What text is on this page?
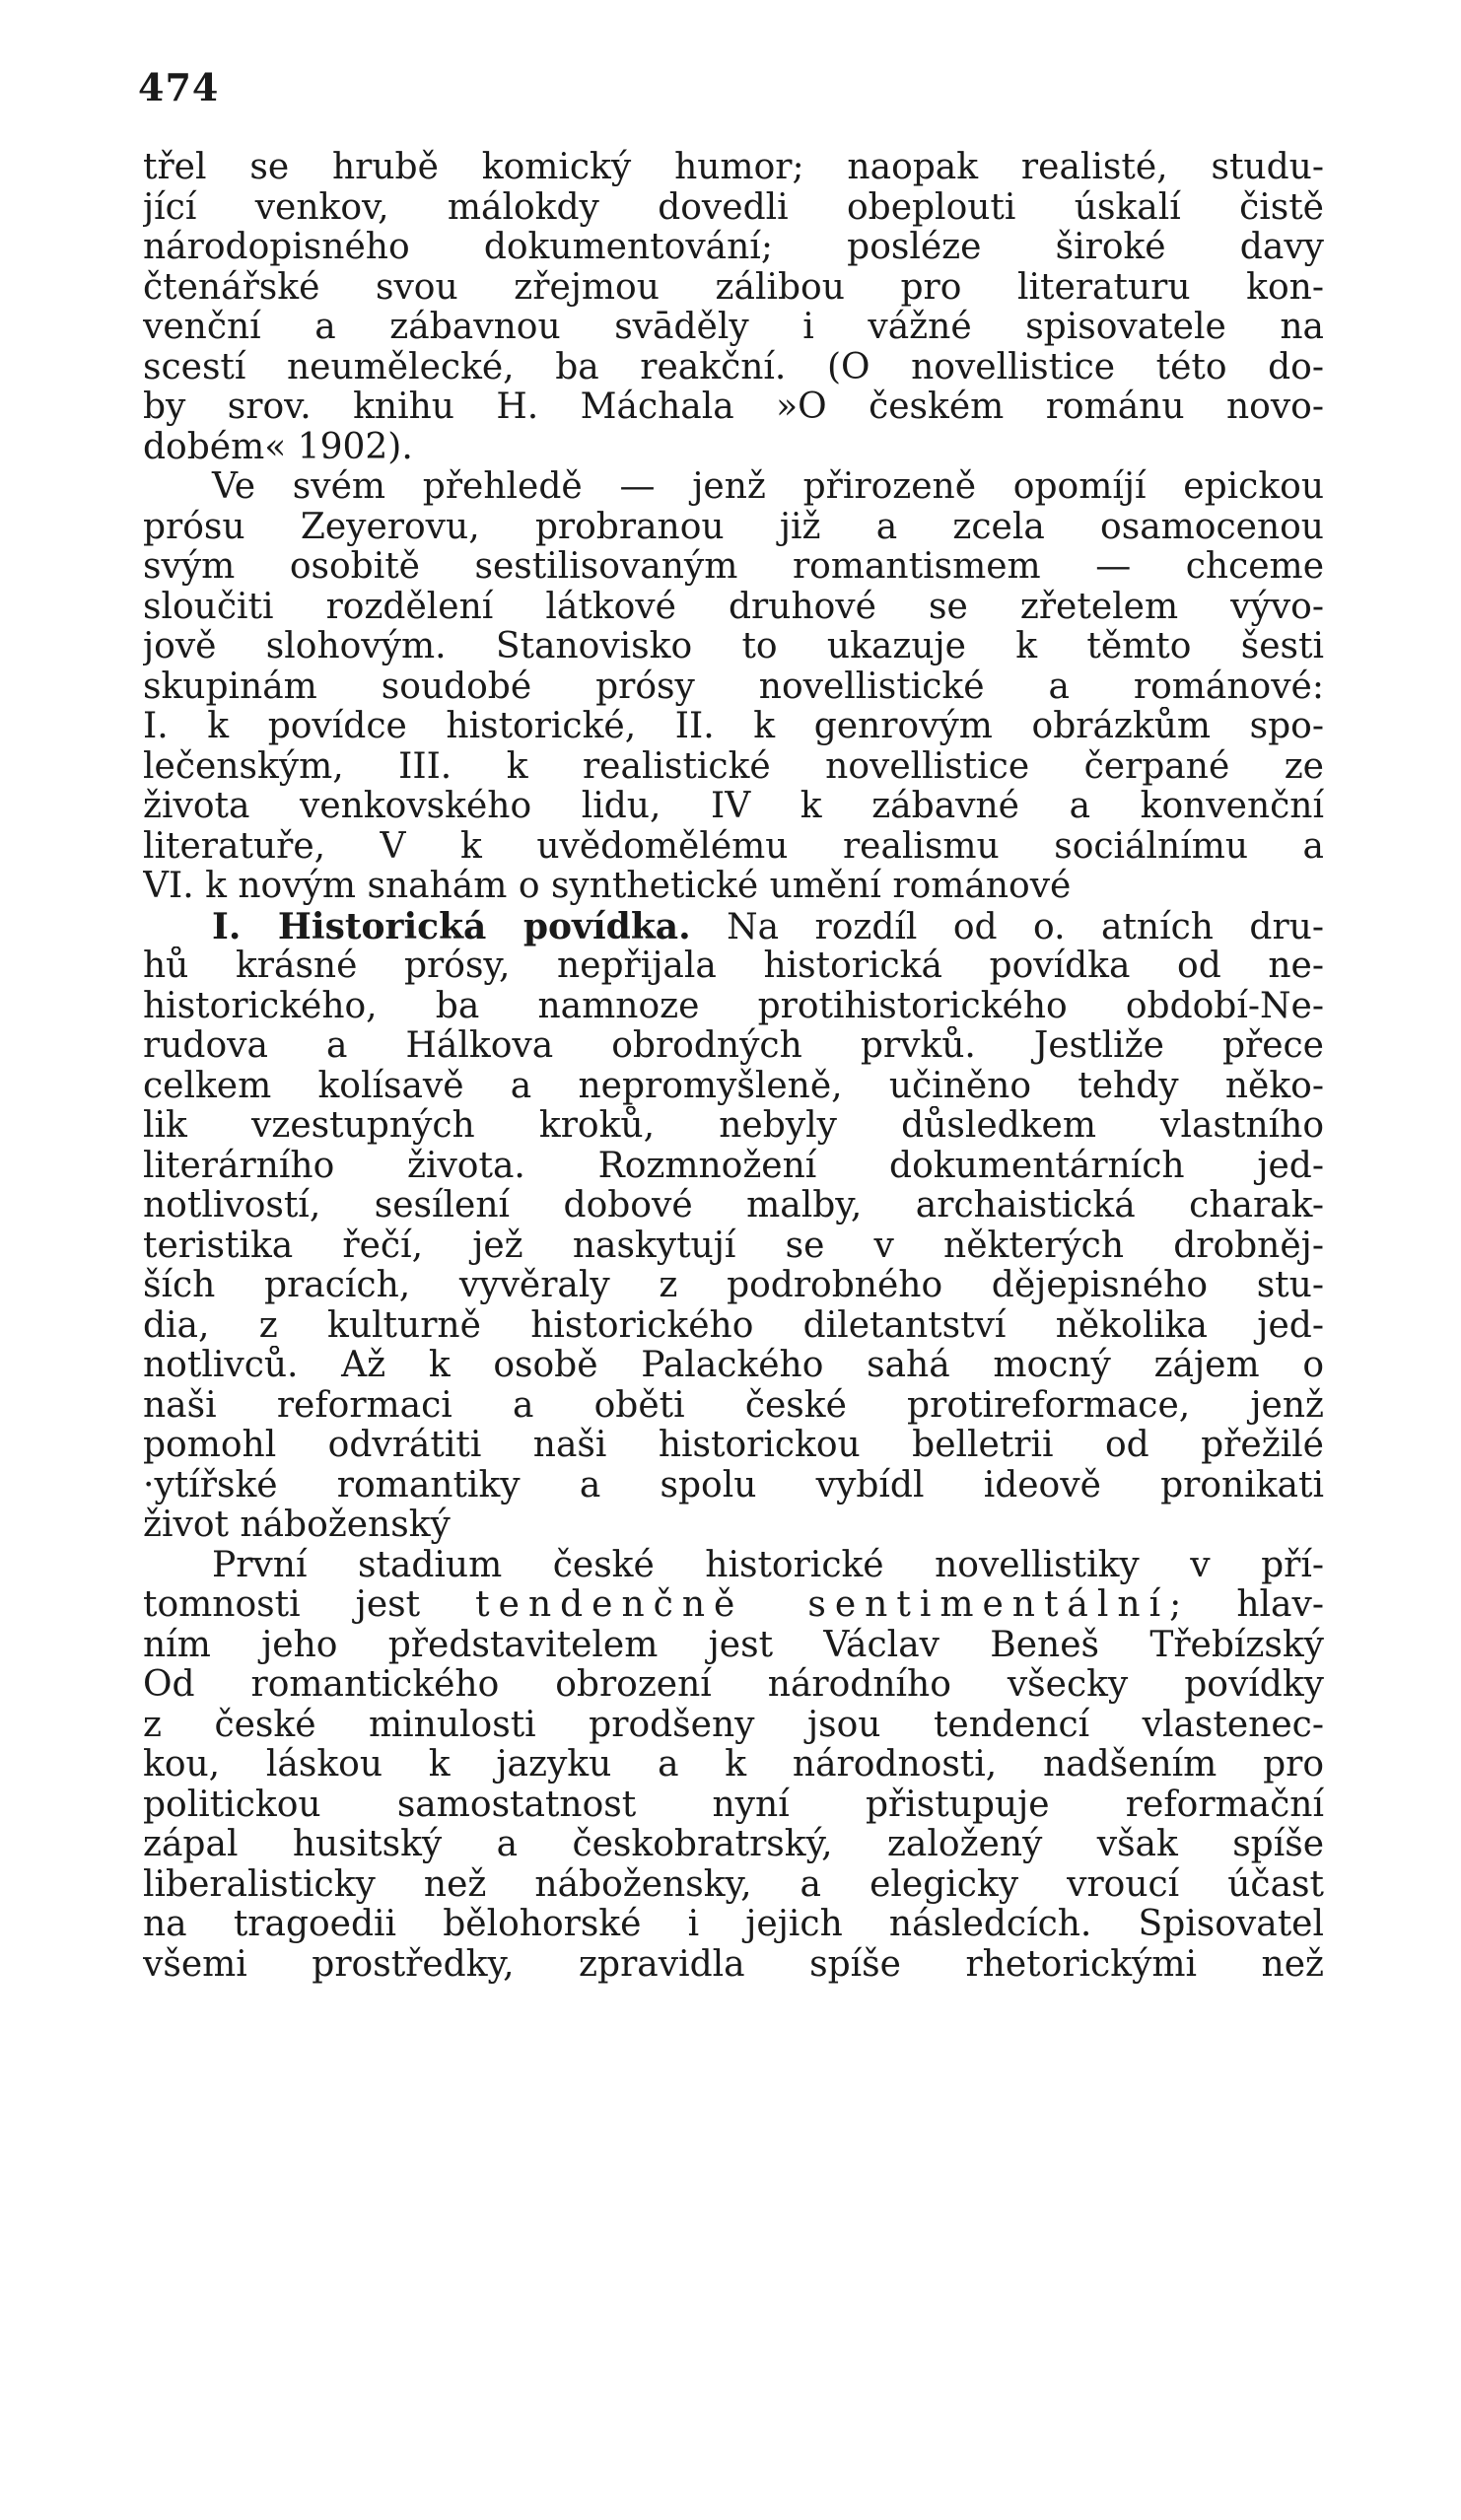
474
třel se hrubě komický humor; naopak realisté, studu-
jící venkov, málokdy dovedli obeplouti úskalí čistě
národopisného dokumentování; posléze široké davy
čtenářské svou zřejmou zálibou pro literaturu kon-
venční a zábavnou svāděly i vážné spisovatele na
scestí neumělecké, ba reakční. (O novellistice této do-
by srov. knihu H. Máchala »O českém románu novo-
dobém« 1902).
Ve svém přehledě — jenž přirozeně opomíjí epickou
prósu Zeyerovu, probranou již a zcela osamocenou
svým osobitě sestilisovaným romantismem — chceme
sloučiti rozdělení látkové druhové se zřetelem vývo-
jově slohovým. Stanovisko to ukazuje k těmto šesti
skupinám soudobé prósy novellistické a románové:
I. k povídce historické, II. k genrovým obrázkům spo-
lečenským, III. k realistické novellistice čerpané ze
života venkovského lidu, IV k zábavné a konvenční
literatuře, V k uvědomělému realismu sociálnímu a
VI. k novým snahám o synthetické umění románové
I. Historická povídka. Na rozdíl od o. atních dru-
hů krásné prósy, nepřijala historická povídka od ne-
historického, ba namnoze protihistorického období-Ne-
rudova a Hálkova obrodných prvků. Jestliže přece
celkem kolísavě a nepromyšleně, učiněno tehdy něko-
lik vzestupných kroků, nebyly důsledkem vlastního
literárního života. Rozmnožení dokumentárních jed-
notlivostí, sesílení dobové malby, archaistická charak-
teristika řečí, jež naskytují se v některých drobněj-
ších pracích, vyvěraly z podrobného dějepisného stu-
dia, z kulturně historického diletantství několika jed-
notlivců. Až k osobě Palackého sahá mocný zájem o
naši reformaci a oběti české protireformace, jenž
pomohl odvrátiti naši historickou belletrii od přežilé
·ytířské romantiky a spolu vybídl ideově pronikati
život náboženský
První stadium české historické novellistiky v pří-
tomnosti jest tendenčně sentimentální; hlav-
ním jeho představitelem jest Václav Beneš Třebízský
Od romantického obrození národního všecky povídky
z české minulosti prodšeny jsou tendencí vlastenec-
kou, láskou k jazyku a k národnosti, nadšením pro
politickou samostatnost nyní přistupuje reformační
zápal husitský a českobratrský, založený však spíše
liberalisticky než nábožensky, a elegicky vroucí účast
na tragoedii bělohorské i jejich následcích. Spisovatel
všemi prostředky, zpravidla spíše rhetorickými než
